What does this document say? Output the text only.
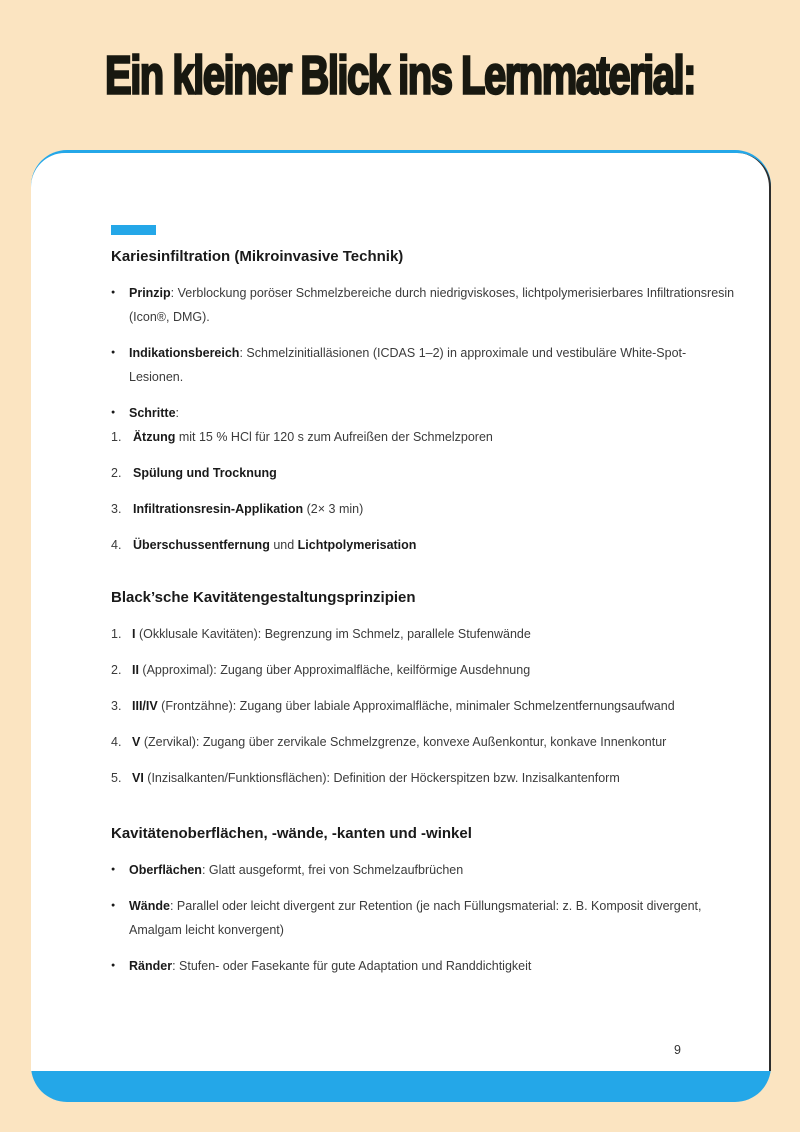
Ein kleiner Blick ins Lernmaterial:
Kariesinfiltration (Mikroinvasive Technik)
●	Prinzip: Verblockung poröser Schmelzbereiche durch niedrigviskoses, lichtpolymerisierbares Infiltrationsresin (Icon®, DMG).
●	Indikationsbereich: Schmelzinitialläsionen (ICDAS 1–2) in approximale und vestibuläre White-Spot-Lesionen.
●	Schritte:
1. Ätzung mit 15 % HCl für 120 s zum Aufreißen der Schmelzporen
2. Spülung und Trocknung
3. Infiltrationsresin-Applikation (2× 3 min)
4. Überschussentfernung und Lichtpolymerisation
Black’sche Kavitätengestaltungsprinzipien
1. I (Okklusale Kavitäten): Begrenzung im Schmelz, parallele Stufenwände
2. II (Approximal): Zugang über Approximalfläche, keilförmige Ausdehnung
3. III/IV (Frontzähne): Zugang über labiale Approximalfläche, minimaler Schmelzentfernungsaufwand
4. V (Zervikal): Zugang über zervikale Schmelzgrenze, konvexe Außenkontur, konkave Innenkontur
5. VI (Inzisalkanten/Funktionsflächen): Definition der Höckerspitzen bzw. Inzisalkantenform
Kavitätenoberflächen, -wände, -kanten und -winkel
●	Oberflächen: Glatt ausgeformt, frei von Schmelzaufbrüchen
●	Wände: Parallel oder leicht divergent zur Retention (je nach Füllungsmaterial: z. B. Komposit divergent, Amalgam leicht konvergent)
●	Ränder: Stufen- oder Fasekante für gute Adaptation und Randdichtigkeit
9
